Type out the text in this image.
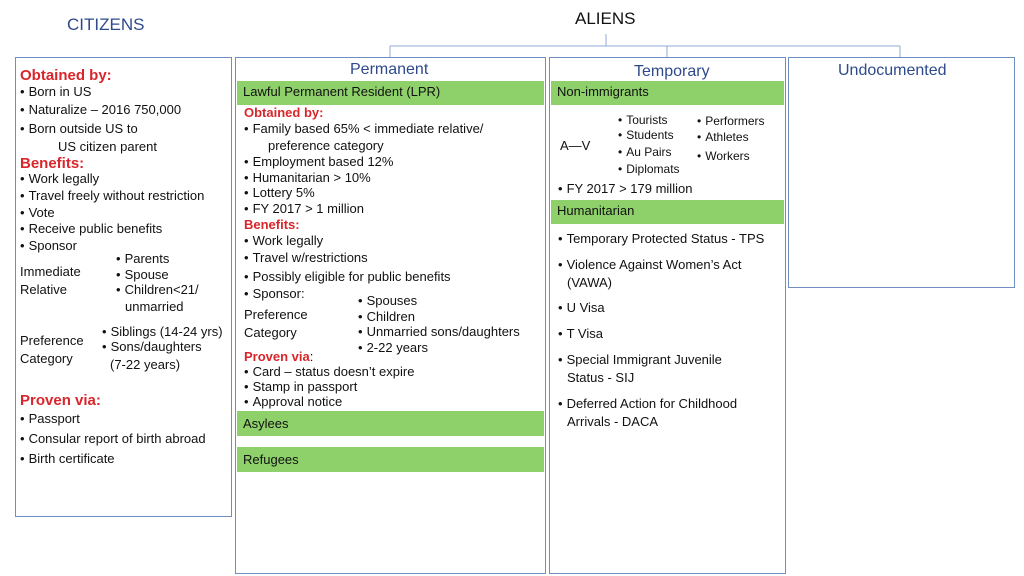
CITIZENS	ALIENS
Obtained by:
• Born in US
• Naturalize – 2016 750,000
• Born outside US to
US citizen parent
Benefits:
• Work legally
• Travel freely without restriction
• Vote
• Receive public benefits
• Sponsor
Immediate
Relative
• Parents
• Spouse
• Children<21/
unmarried
Preference
Category
• Siblings (14-24 yrs)
• Sons/daughters
(7-22 years)
Proven via:
• Passport
• Consular report of birth abroad
• Birth certificate
Permanent
Lawful Permanent Resident (LPR)
Obtained by:
• Family based 65% < immediate relative/
preference category
• Employment based 12%
• Humanitarian > 10%
• Lottery 5%
• FY 2017 > 1 million
Benefits:
• Work legally
• Travel w/restrictions
• Possibly eligible for public benefits
• Sponsor:
Preference
Category
• Spouses
• Children
• Unmarried sons/daughters
• 2-22 years
Proven via:
• Card – status doesn’t expire
• Stamp in passport
• Approval notice
Asylees
Refugees
Temporary
Non-immigrants
A—V
• Tourists
• Students
• Au Pairs
• Diplomats
• Performers
• Athletes
• Workers
• FY 2017 > 179 million
Humanitarian
• Temporary Protected Status - TPS
• Violence Against Women’s Act
(VAWA)
• U Visa
• T Visa
• Special Immigrant Juvenile
Status - SIJ
• Deferred Action for Childhood
Arrivals - DACA
Undocumented
